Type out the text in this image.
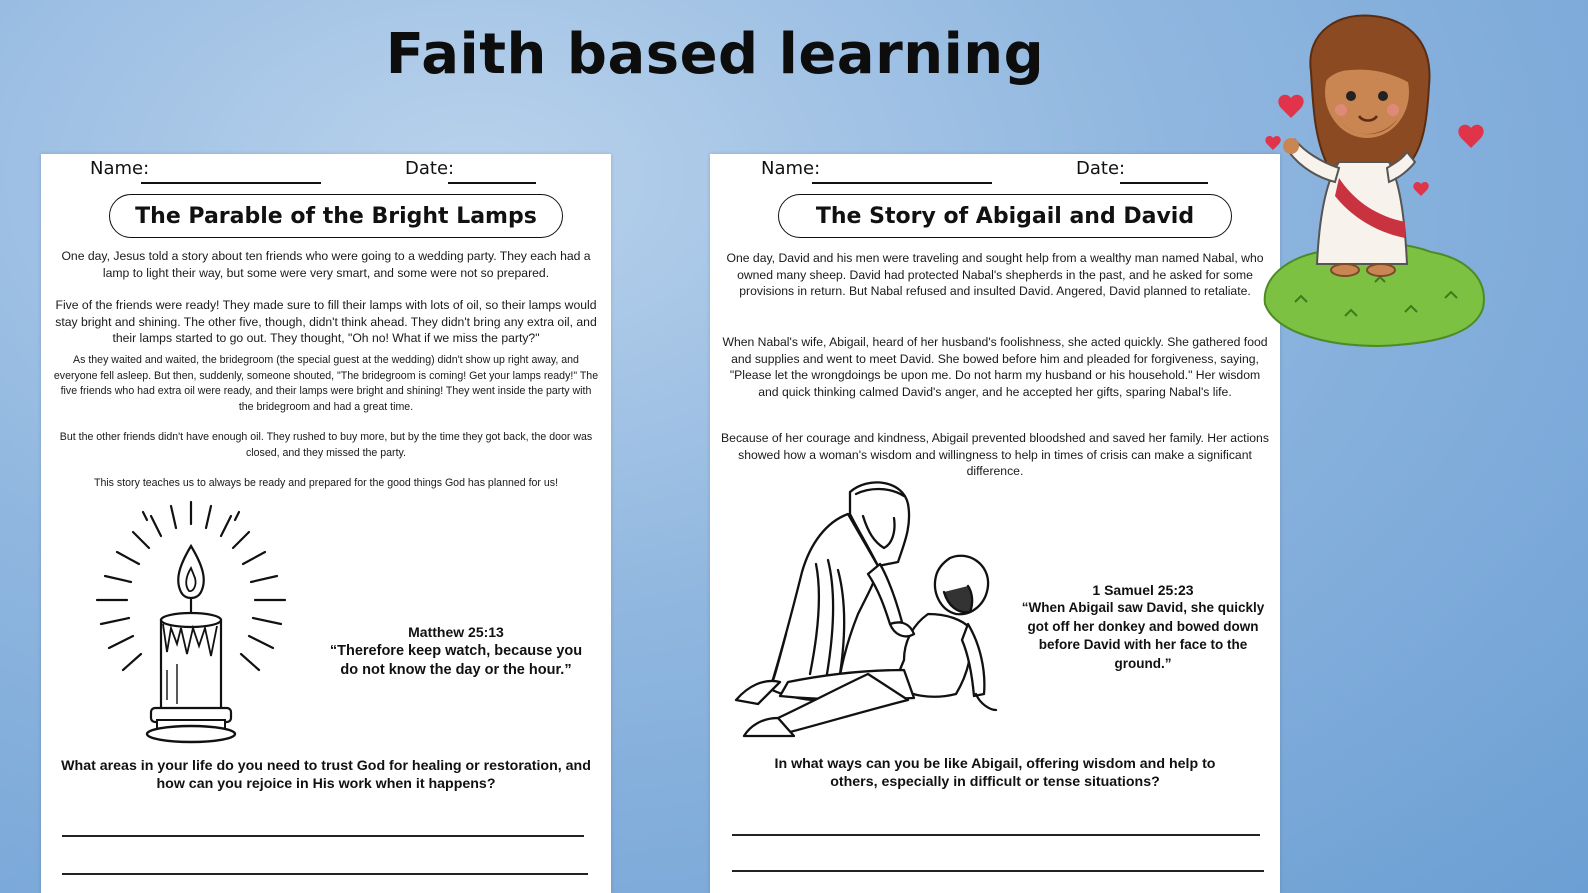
Faith based learning
Name:	Date:
The Parable of the Bright Lamps
One day, Jesus told a story about ten friends who were going to a wedding party. They each had a lamp to light their way, but some were very smart, and some were not so prepared.
Five of the friends were ready! They made sure to fill their lamps with lots of oil, so their lamps would stay bright and shining. The other five, though, didn't think ahead. They didn't bring any extra oil, and their lamps started to go out. They thought, "Oh no! What if we miss the party?"
As they waited and waited, the bridegroom (the special guest at the wedding) didn't show up right away, and everyone fell asleep. But then, suddenly, someone shouted, "The bridegroom is coming! Get your lamps ready!" The five friends who had extra oil were ready, and their lamps were bright and shining! They went inside the party with the bridegroom and had a great time.
But the other friends didn't have enough oil. They rushed to buy more, but by the time they got back, the door was closed, and they missed the party.
This story teaches us to always be ready and prepared for the good things God has planned for us!
Matthew 25:13
“Therefore keep watch, because you do not know the day or the hour.”
What areas in your life do you need to trust God for healing or restoration, and how can you rejoice in His work when it happens?
Name:	Date:
The Story of Abigail and David
One day, David and his men were traveling and sought help from a wealthy man named Nabal, who owned many sheep. David had protected Nabal's shepherds in the past, and he asked for some provisions in return. But Nabal refused and insulted David. Angered, David planned to retaliate.
When Nabal's wife, Abigail, heard of her husband's foolishness, she acted quickly. She gathered food and supplies and went to meet David. She bowed before him and pleaded for forgiveness, saying, "Please let the wrongdoings be upon me. Do not harm my husband or his household." Her wisdom and quick thinking calmed David's anger, and he accepted her gifts, sparing Nabal's life.
Because of her courage and kindness, Abigail prevented bloodshed and saved her family. Her actions showed how a woman's wisdom and willingness to help in times of crisis can make a significant difference.
1 Samuel 25:23
“When Abigail saw David, she quickly got off her donkey and bowed down before David with her face to the ground.”
In what ways can you be like Abigail, offering wisdom and help to others, especially in difficult or tense situations?
